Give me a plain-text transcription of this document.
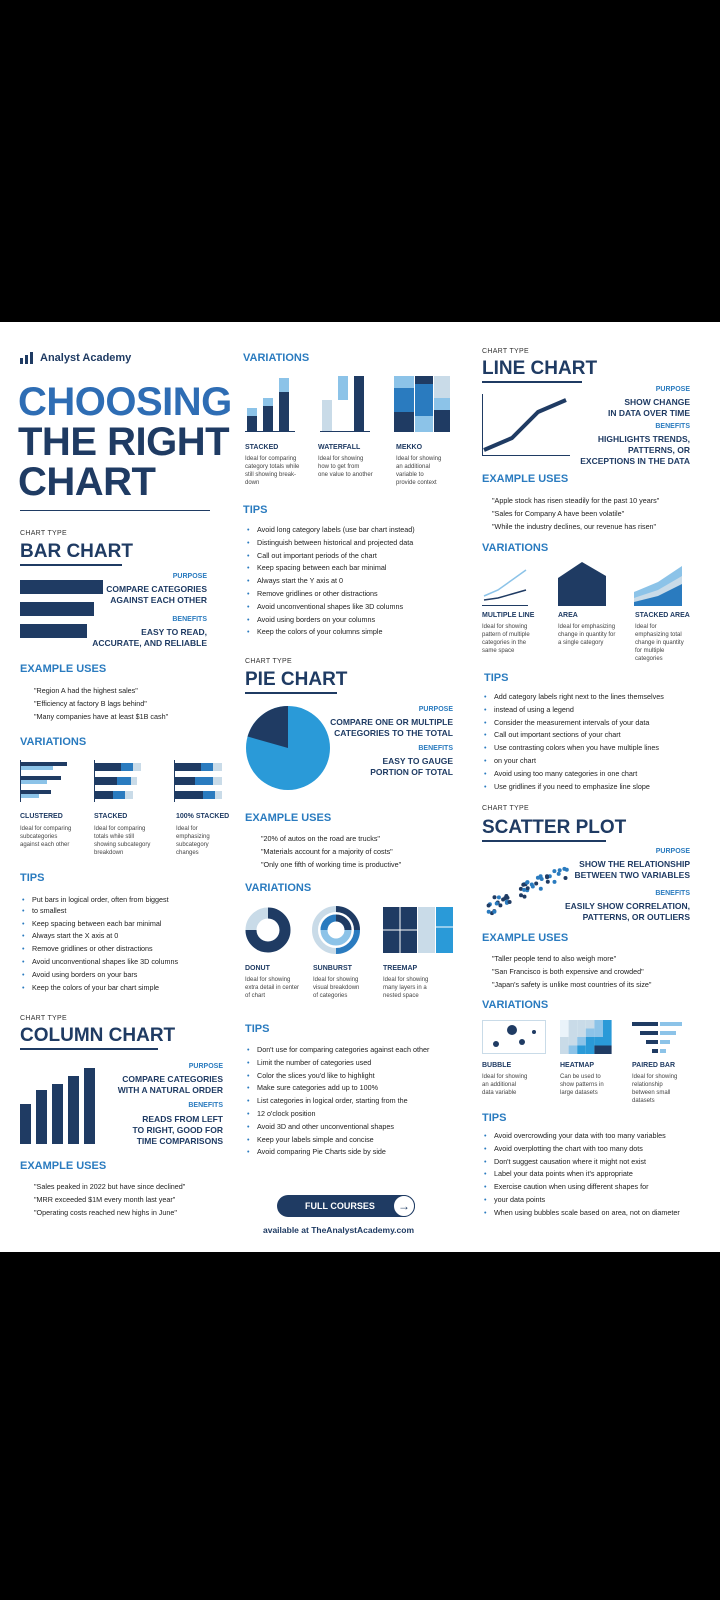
Analyst Academy
CHOOSING
THE RIGHT
CHART
CHART TYPE
BAR CHART
PURPOSE
COMPARE CATEGORIES
AGAINST EACH OTHER
BENEFITS
EASY TO READ,
ACCURATE, AND RELIABLE
EXAMPLE USES
"Region A had the highest sales"
"Efficiency at factory B lags behind"
"Many companies have at least $1B cash"
VARIATIONS
CLUSTERED
Ideal for comparing
subcategories
against each other
STACKED
Ideal for comparing
totals while still
showing subcategory
breakdown
100% STACKED
Ideal for
emphasizing
subcategory
changes
TIPS
• Put bars in logical order, often from biggest
• to smallest
• Keep spacing between each bar minimal
• Always start the X axis at 0
• Remove gridlines or other distractions
• Avoid unconventional shapes like 3D columns
• Avoid using borders on your bars
• Keep the colors of your bar chart simple
CHART TYPE
COLUMN CHART
PURPOSE
COMPARE CATEGORIES
WITH A NATURAL ORDER
BENEFITS
READS FROM LEFT
TO RIGHT, GOOD FOR
TIME COMPARISONS
EXAMPLE USES
"Sales peaked in 2022 but have since declined"
"MRR exceeded $1M every month last year"
"Operating costs reached new highs in June"
VARIATIONS
STACKED
Ideal for comparing
category totals while
still showing break-
down
WATERFALL
Ideal for showing
how to get from
one value to another
MEKKO
Ideal for showing
an additional
variable to
provide context
TIPS
• Avoid long category labels (use bar chart instead)
• Distinguish between historical and projected data
• Call out important periods of the chart
• Keep spacing between each bar minimal
• Always start the Y axis at 0
• Remove gridlines or other distractions
• Avoid unconventional shapes like 3D columns
• Avoid using borders on your columns
• Keep the colors of your columns simple
CHART TYPE
PIE CHART
PURPOSE
COMPARE ONE OR MULTIPLE
CATEGORIES TO THE TOTAL
BENEFITS
EASY TO GAUGE
PORTION OF TOTAL
EXAMPLE USES
"20% of autos on the road are trucks"
"Materials account for a majority of costs"
"Only one fifth of working time is productive"
VARIATIONS
DONUT
Ideal for showing
extra detail in center
of chart
SUNBURST
Ideal for showing
visual breakdown
of categories
TREEMAP
Ideal for showing
many layers in a
nested space
TIPS
• Don't use for comparing categories against each other
• Limit the number of categories used
• Color the slices you'd like to highlight
• Make sure categories add up to 100%
• List categories in logical order, starting from the
• 12 o'clock position
• Avoid 3D and other unconventional shapes
• Keep your labels simple and concise
• Avoid comparing Pie Charts side by side
FULL COURSES	→
available at TheAnalystAcademy.com
CHART TYPE
LINE CHART
PURPOSE
SHOW CHANGE
IN DATA OVER TIME
BENEFITS
HIGHLIGHTS TRENDS,
PATTERNS, OR
EXCEPTIONS IN THE DATA
EXAMPLE USES
"Apple stock has risen steadily for the past 10 years"
"Sales for Company A have been volatile"
"While the industry declines, our revenue has risen"
VARIATIONS
MULTIPLE LINE
Ideal for showing
pattern of multiple
categories in the
same space
AREA
Ideal for emphasizing
change in quantity for
a single category
STACKED AREA
Ideal for
emphasizing total
change in quantity
for multiple
categories
TIPS
• Add category labels right next to the lines themselves
• instead of using a legend
• Consider the measurement intervals of your data
• Call out important sections of your chart
• Use contrasting colors when you have multiple lines
• on your chart
• Avoid using too many categories in one chart
• Use gridlines if you need to emphasize line slope
CHART TYPE
SCATTER PLOT
PURPOSE
SHOW THE RELATIONSHIP
BETWEEN TWO VARIABLES
BENEFITS
EASILY SHOW CORRELATION,
PATTERNS, OR OUTLIERS
EXAMPLE USES
"Taller people tend to also weigh more"
"San Francisco is both expensive and crowded"
"Japan's safety is unlike most countries of its size"
VARIATIONS
BUBBLE
Ideal for showing
an additional
data variable
HEATMAP
Can be used to
show patterns in
large datasets
PAIRED BAR
Ideal for showing
relationship
between small
datasets
TIPS
• Avoid overcrowding your data with too many variables
• Avoid overplotting the chart with too many dots
• Don't suggest causation where it might not exist
• Label your data points when it's appropriate
• Exercise caution when using different shapes for
• your data points
• When using bubbles scale based on area, not on diameter
